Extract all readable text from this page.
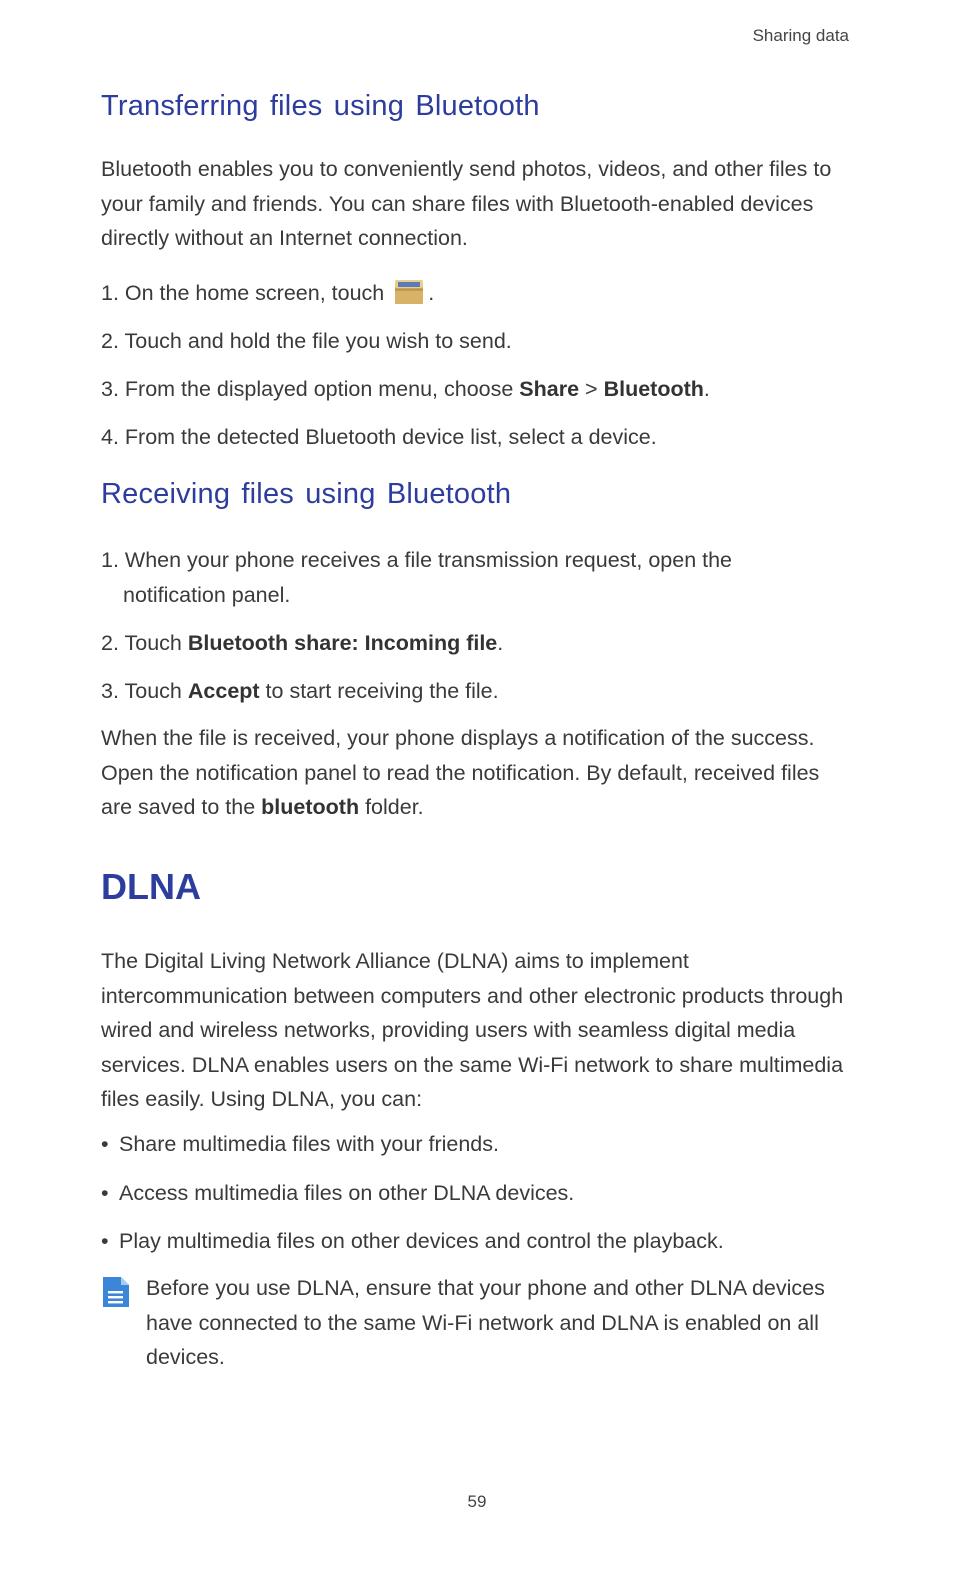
Sharing data
Transferring files using Bluetooth

Bluetooth enables you to conveniently send photos, videos, and other files to your family and friends. You can share files with Bluetooth-enabled devices directly without an Internet connection.

1. On the home screen, touch .
2. Touch and hold the file you wish to send.
3. From the displayed option menu, choose Share > Bluetooth.
4. From the detected Bluetooth device list, select a device.
Receiving files using Bluetooth
1. When your phone receives a file transmission request, open the notification panel.
2. Touch Bluetooth share: Incoming file.
3. Touch Accept to start receiving the file.

When the file is received, your phone displays a notification of the success. Open the notification panel to read the notification. By default, received files are saved to the bluetooth folder.

DLNA

The Digital Living Network Alliance (DLNA) aims to implement intercommunication between computers and other electronic products through wired and wireless networks, providing users with seamless digital media services. DLNA enables users on the same Wi-Fi network to share multimedia files easily. Using DLNA, you can:

• Share multimedia files with your friends.
• Access multimedia files on other DLNA devices.
• Play multimedia files on other devices and control the playback.

Before you use DLNA, ensure that your phone and other DLNA devices have connected to the same Wi-Fi network and DLNA is enabled on all devices.

59
